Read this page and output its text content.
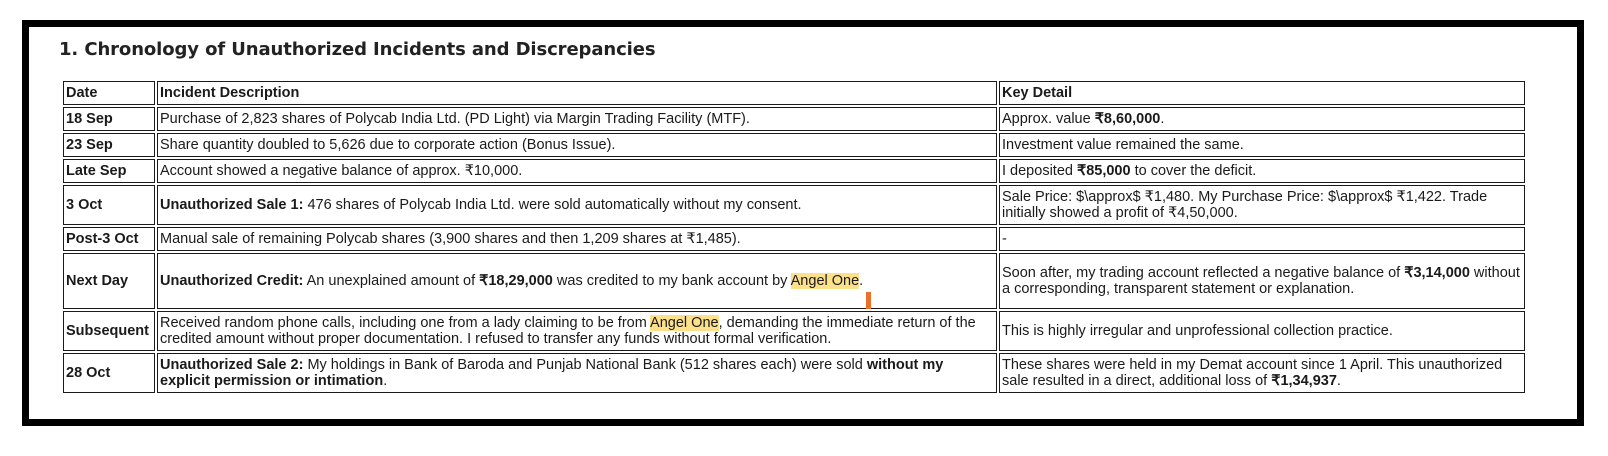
1. Chronology of Unauthorized Incidents and Discrepancies
Date	Incident Description	Key Detail
18 Sep	Purchase of 2,823 shares of Polycab India Ltd. (PD Light) via Margin Trading Facility (MTF).	Approx. value ₹8,60,000.
23 Sep	Share quantity doubled to 5,626 due to corporate action (Bonus Issue).	Investment value remained the same.
Late Sep	Account showed a negative balance of approx. ₹10,000.	I deposited ₹85,000 to cover the deficit.
3 Oct	Unauthorized Sale 1: 476 shares of Polycab India Ltd. were sold automatically without my consent.	Sale Price: $\approx$ ₹1,480. My Purchase Price: $\approx$ ₹1,422. Trade initially showed a profit of ₹4,50,000.
Post-3 Oct	Manual sale of remaining Polycab shares (3,900 shares and then 1,209 shares at ₹1,485).	-
Next Day	Unauthorized Credit: An unexplained amount of ₹18,29,000 was credited to my bank account by Angel One.	Soon after, my trading account reflected a negative balance of ₹3,14,000 without a corresponding, transparent statement or explanation.
Subsequent	Received random phone calls, including one from a lady claiming to be from Angel One, demanding the immediate return of the credited amount without proper documentation. I refused to transfer any funds without formal verification.	This is highly irregular and unprofessional collection practice.
28 Oct	Unauthorized Sale 2: My holdings in Bank of Baroda and Punjab National Bank (512 shares each) were sold without my explicit permission or intimation.	These shares were held in my Demat account since 1 April. This unauthorized sale resulted in a direct, additional loss of ₹1,34,937.
